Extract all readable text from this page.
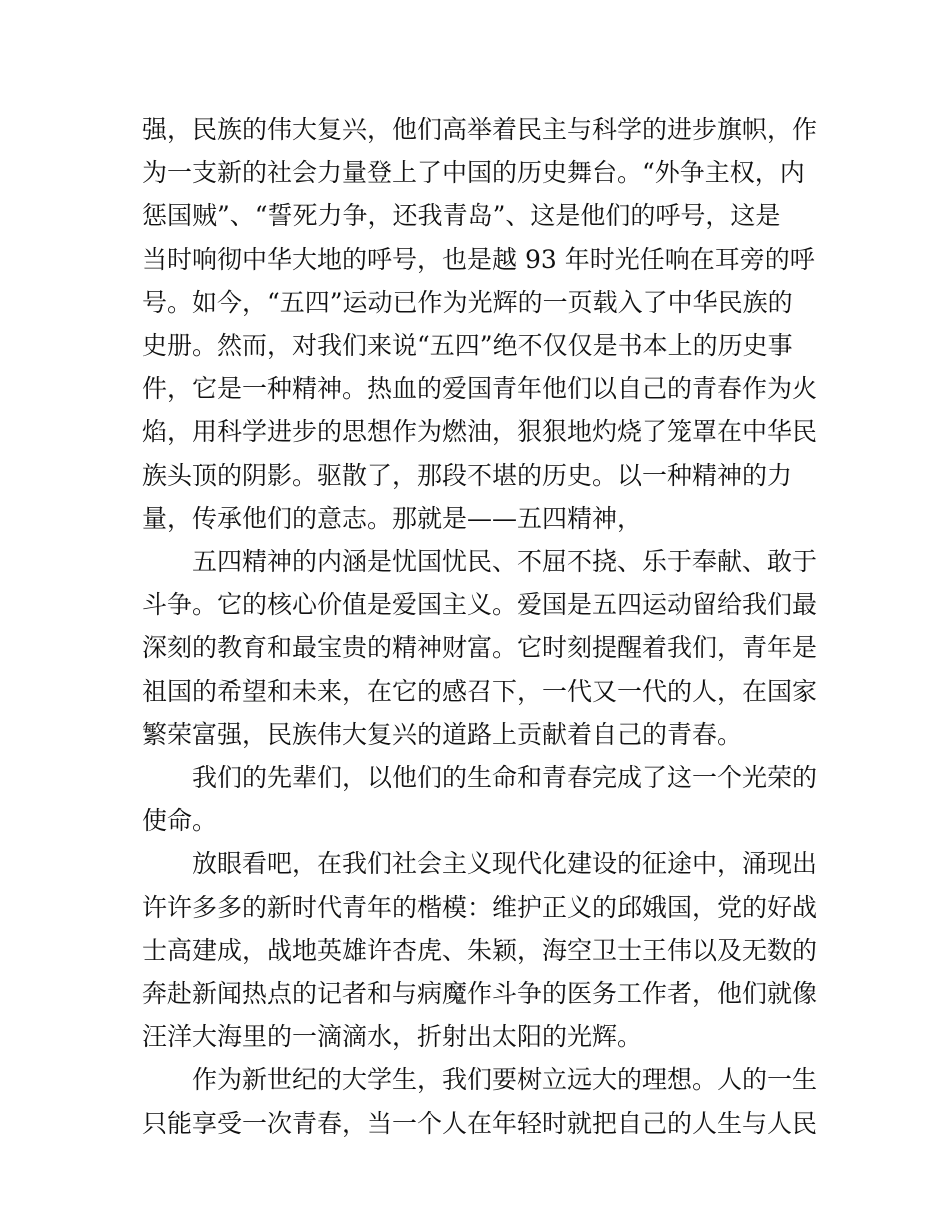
强，民族的伟大复兴，他们高举着民主与科学的进步旗帜，作
为一支新的社会力量登上了中国的历史舞台。“外争主权，内
惩国贼”、“誓死力争，还我青岛”、这是他们的呼号，这是
当时响彻中华大地的呼号，也是越 93 年时光任响在耳旁的呼
号。如今，“五四”运动已作为光辉的一页载入了中华民族的
史册。然而，对我们来说“五四”绝不仅仅是书本上的历史事
件，它是一种精神。热血的爱国青年他们以自己的青春作为火
焰，用科学进步的思想作为燃油，狠狠地灼烧了笼罩在中华民
族头顶的阴影。驱散了，那段不堪的历史。以一种精神的力
量，传承他们的意志。那就是——五四精神，

五四精神的内涵是忧国忧民、不屈不挠、乐于奉献、敢于
斗争。它的核心价值是爱国主义。爱国是五四运动留给我们最
深刻的教育和最宝贵的精神财富。它时刻提醒着我们，青年是
祖国的希望和未来，在它的感召下，一代又一代的人，在国家
繁荣富强，民族伟大复兴的道路上贡献着自己的青春。

我们的先辈们，以他们的生命和青春完成了这一个光荣的
使命。

放眼看吧，在我们社会主义现代化建设的征途中，涌现出
许许多多的新时代青年的楷模：维护正义的邱娥国，党的好战
士高建成，战地英雄许杏虎、朱颖，海空卫士王伟以及无数的
奔赴新闻热点的记者和与病魔作斗争的医务工作者，他们就像
汪洋大海里的一滴滴水，折射出太阳的光辉。

作为新世纪的大学生，我们要树立远大的理想。人的一生
只能享受一次青春，当一个人在年轻时就把自己的人生与人民
